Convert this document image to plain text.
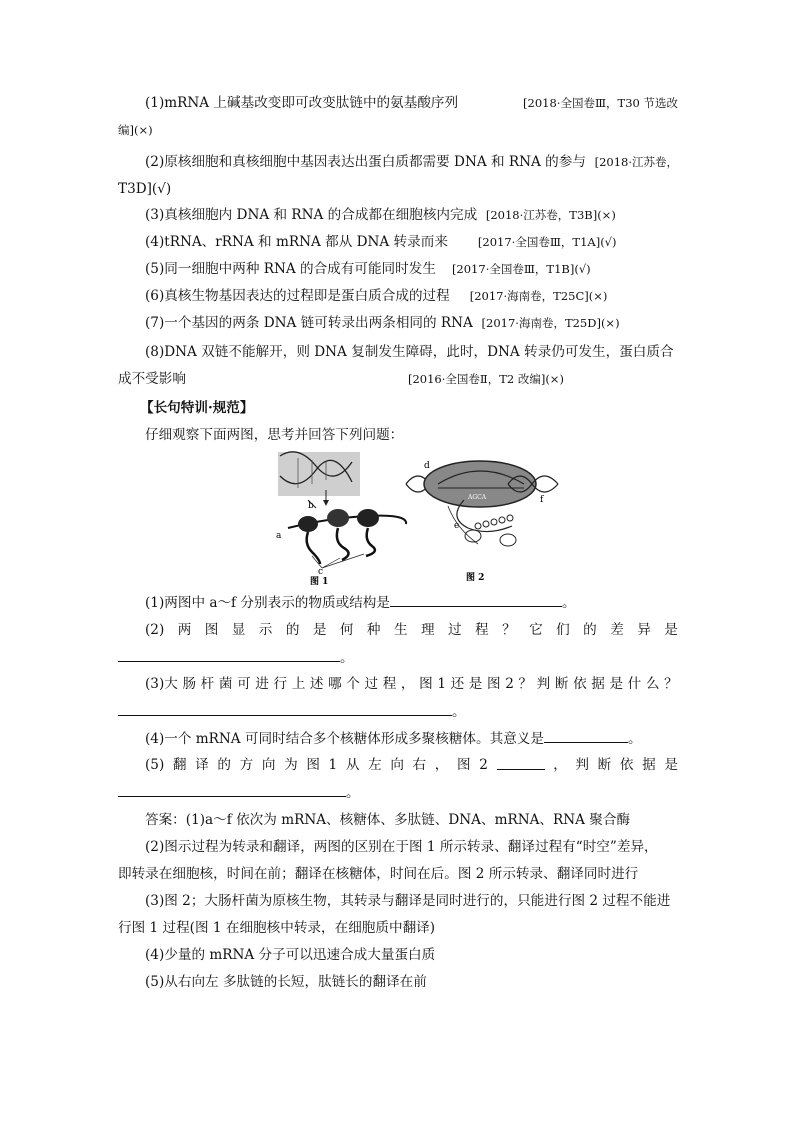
(1)mRNA 上碱基改变即可改变肽链中的氨基酸序列	[2018·全国卷Ⅲ，T30 节选改
编](×)
(2)原核细胞和真核细胞中基因表达出蛋白质都需要 DNA 和 RNA 的参与 [2018·江苏卷，
T3D](√)
(3)真核细胞内 DNA 和 RNA 的合成都在细胞核内完成 [2018·江苏卷，T3B](×)
(4)tRNA、rRNA 和 mRNA 都从 DNA 转录而来	[2017·全国卷Ⅲ，T1A](√)
(5)同一细胞中两种 RNA 的合成有可能同时发生 [2017·全国卷Ⅲ，T1B](√)
(6)真核生物基因表达的过程即是蛋白质合成的过程 [2017·海南卷，T25C](×)
(7)一个基因的两条 DNA 链可转录出两条相同的 RNA [2017·海南卷，T25D](×)
(8)DNA 双链不能解开，则 DNA 复制发生障碍，此时，DNA 转录仍可发生，蛋白质合
成不受影响	[2016·全国卷Ⅱ，T2 改编](×)
【长句特训·规范】
仔细观察下面两图，思考并回答下列问题：
a
b
c
图 1
AGCA
d
e
f
图 2
(1)两图中 a～f 分别表示的物质或结构是	。
(2) 两 图 显 示 的 是 何 种 生 理 过 程 ？ 它 们 的 差 异 是
。
(3)大 肠 杆 菌 可 进 行 上 述 哪 个 过 程 ， 图 1 还 是 图 2 ？ 判 断 依 据 是 什 么 ？
。
(4)一个 mRNA 可同时结合多个核糖体形成多聚核糖体。其意义是	。
(5) 翻 译 的 方 向 为 图 1 从 左 向 右 ， 图 2	， 判 断 依 据 是
。
答案：(1)a～f 依次为 mRNA、核糖体、多肽链、DNA、mRNA、RNA 聚合酶
(2)图示过程为转录和翻译，两图的区别在于图 1 所示转录、翻译过程有“时空”差异，
即转录在细胞核，时间在前；翻译在核糖体，时间在后。图 2 所示转录、翻译同时进行
(3)图 2；大肠杆菌为原核生物，其转录与翻译是同时进行的，只能进行图 2 过程不能进
行图 1 过程(图 1 在细胞核中转录，在细胞质中翻译)
(4)少量的 mRNA 分子可以迅速合成大量蛋白质
(5)从右向左 多肽链的长短，肽链长的翻译在前
